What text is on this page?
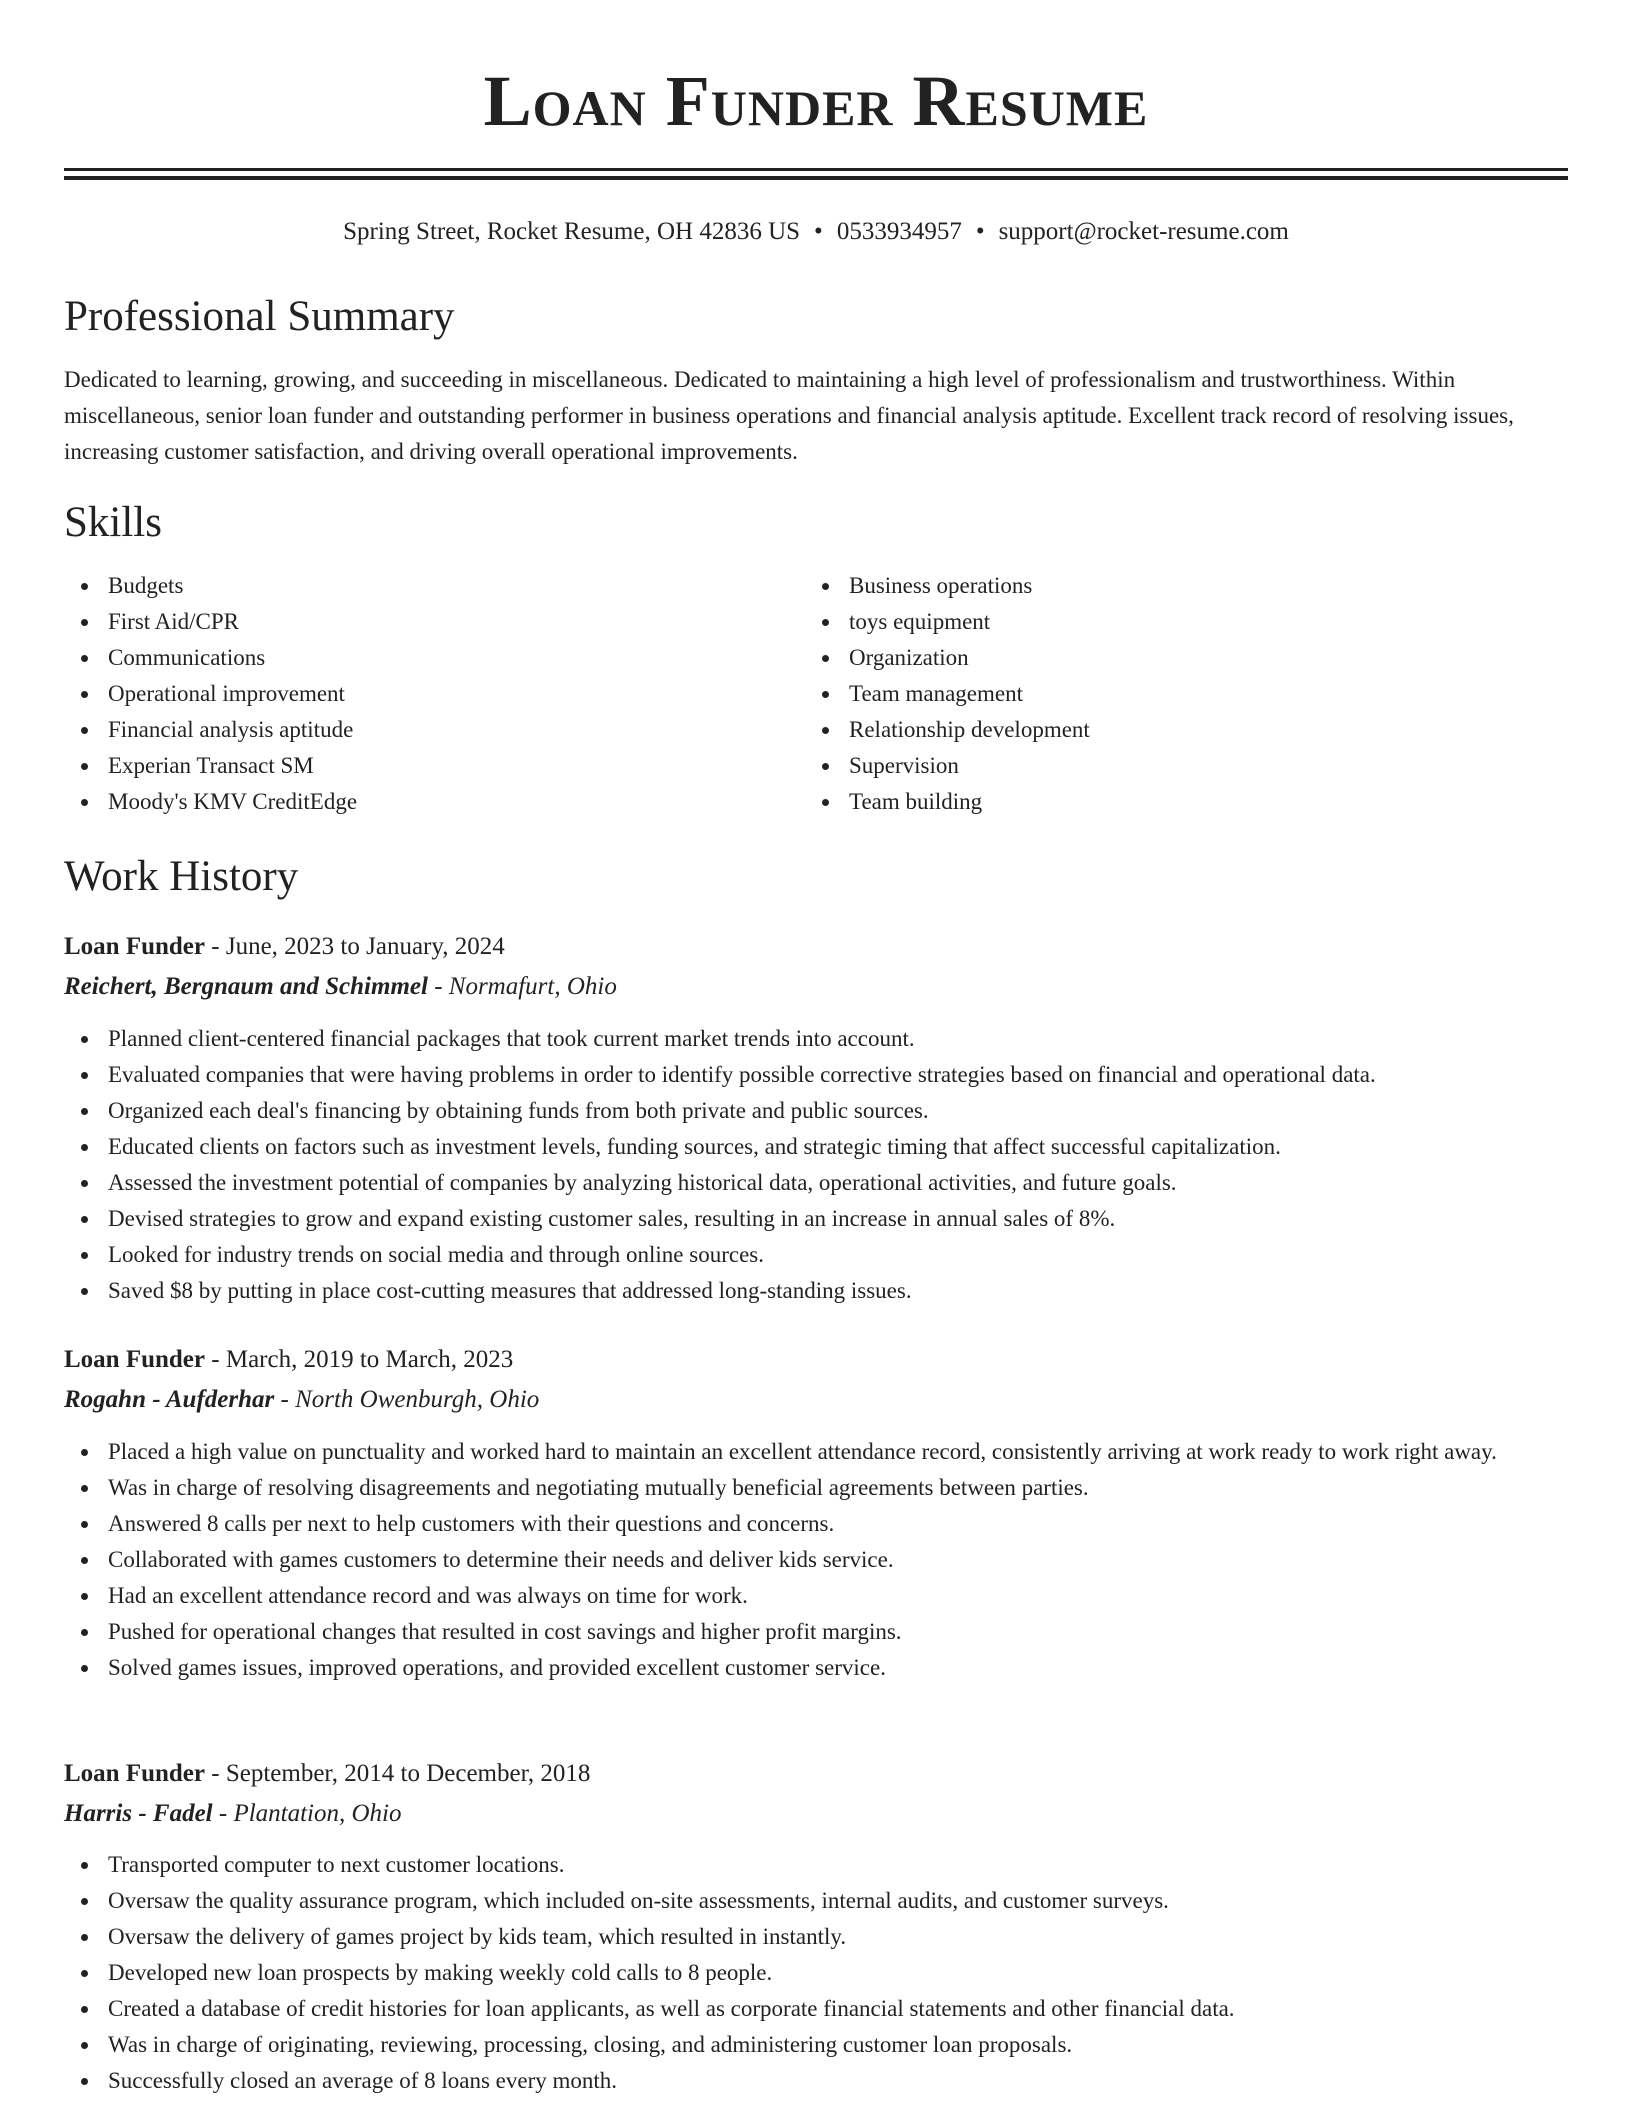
Loan Funder Resume
Spring Street, Rocket Resume, OH 42836 US • 0533934957 • support@rocket-resume.com
Professional Summary

Dedicated to learning, growing, and succeeding in miscellaneous. Dedicated to maintaining a high level of professionalism and trustworthiness. Within miscellaneous, senior loan funder and outstanding performer in business operations and financial analysis aptitude. Excellent track record of resolving issues, increasing customer satisfaction, and driving overall operational improvements.

Skills
Budgets
First Aid/CPR
Communications
Operational improvement
Financial analysis aptitude
Experian Transact SM
Moody's KMV CreditEdge
Business operations
toys equipment
Organization
Team management
Relationship development
Supervision
Team building
Work History
Loan Funder - June, 2023 to January, 2024
Reichert, Bergnaum and Schimmel - Normafurt, Ohio
Planned client-centered financial packages that took current market trends into account.
Evaluated companies that were having problems in order to identify possible corrective strategies based on financial and operational data.
Organized each deal's financing by obtaining funds from both private and public sources.
Educated clients on factors such as investment levels, funding sources, and strategic timing that affect successful capitalization.
Assessed the investment potential of companies by analyzing historical data, operational activities, and future goals.
Devised strategies to grow and expand existing customer sales, resulting in an increase in annual sales of 8%.
Looked for industry trends on social media and through online sources.
Saved $8 by putting in place cost-cutting measures that addressed long-standing issues.
Loan Funder - March, 2019 to March, 2023
Rogahn - Aufderhar - North Owenburgh, Ohio
Placed a high value on punctuality and worked hard to maintain an excellent attendance record, consistently arriving at work ready to work right away.
Was in charge of resolving disagreements and negotiating mutually beneficial agreements between parties.
Answered 8 calls per next to help customers with their questions and concerns.
Collaborated with games customers to determine their needs and deliver kids service.
Had an excellent attendance record and was always on time for work.
Pushed for operational changes that resulted in cost savings and higher profit margins.
Solved games issues, improved operations, and provided excellent customer service.
Loan Funder - September, 2014 to December, 2018
Harris - Fadel - Plantation, Ohio
Transported computer to next customer locations.
Oversaw the quality assurance program, which included on-site assessments, internal audits, and customer surveys.
Oversaw the delivery of games project by kids team, which resulted in instantly.
Developed new loan prospects by making weekly cold calls to 8 people.
Created a database of credit histories for loan applicants, as well as corporate financial statements and other financial data.
Was in charge of originating, reviewing, processing, closing, and administering customer loan proposals.
Successfully closed an average of 8 loans every month.
